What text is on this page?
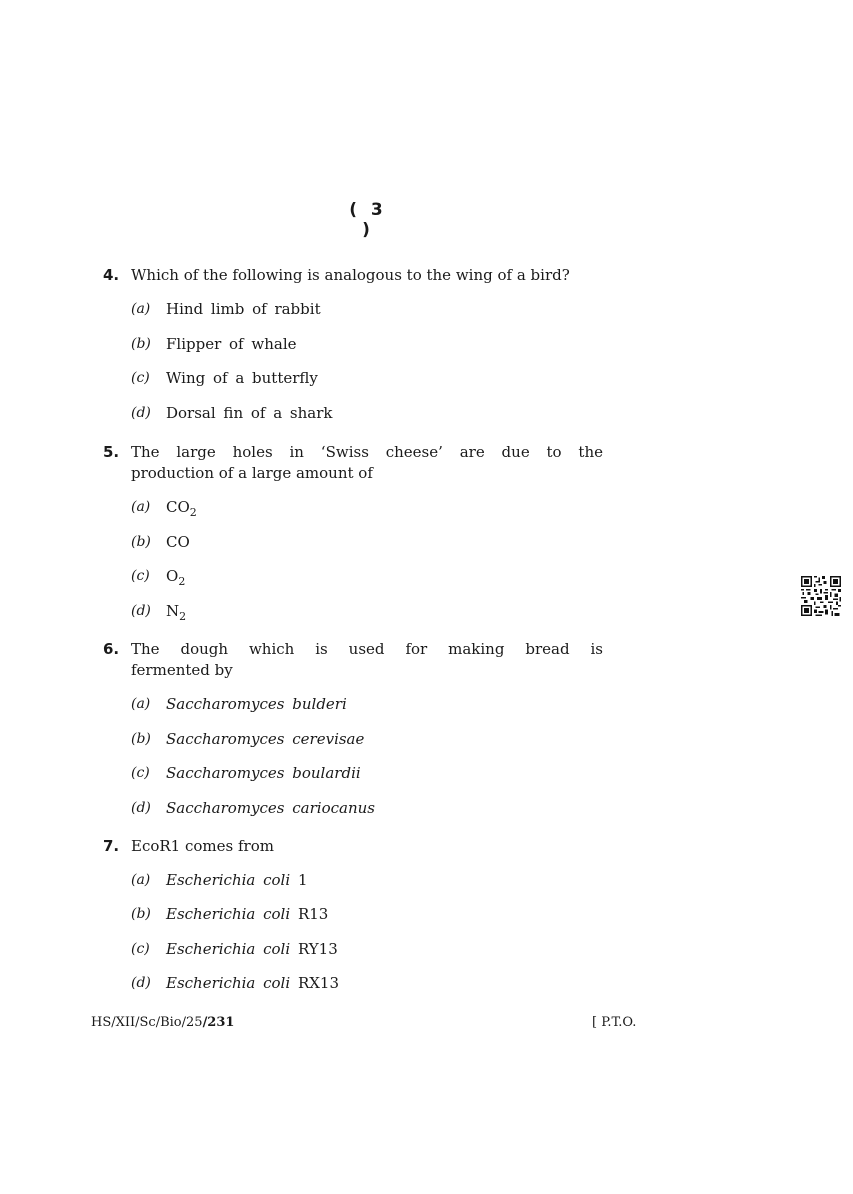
( 3 )
4. Which of the following is analogous to the wing of a bird?
(a) Hind limb of rabbit
(b) Flipper of whale
(c) Wing of a butterfly
(d) Dorsal fin of a shark
5. The large holes in ‘Swiss cheese’ are due to the
production of a large amount of
(a) $CO_2$
(b) CO
(c) $O_2$
(d) $N_2$
6. The dough which is used for making bread is
fermented by
(a) Saccharomyces bulderi
(b) Saccharomyces cerevisae
(c) Saccharomyces boulardii
(d) Saccharomyces cariocanus
7. EcoR1 comes from
(a) Escherichia coli 1
(b) Escherichia coli R13
(c) Escherichia coli RY13
(d) Escherichia coli RX13
HS/XII/Sc/Bio/25/231	[ P.T.O.
